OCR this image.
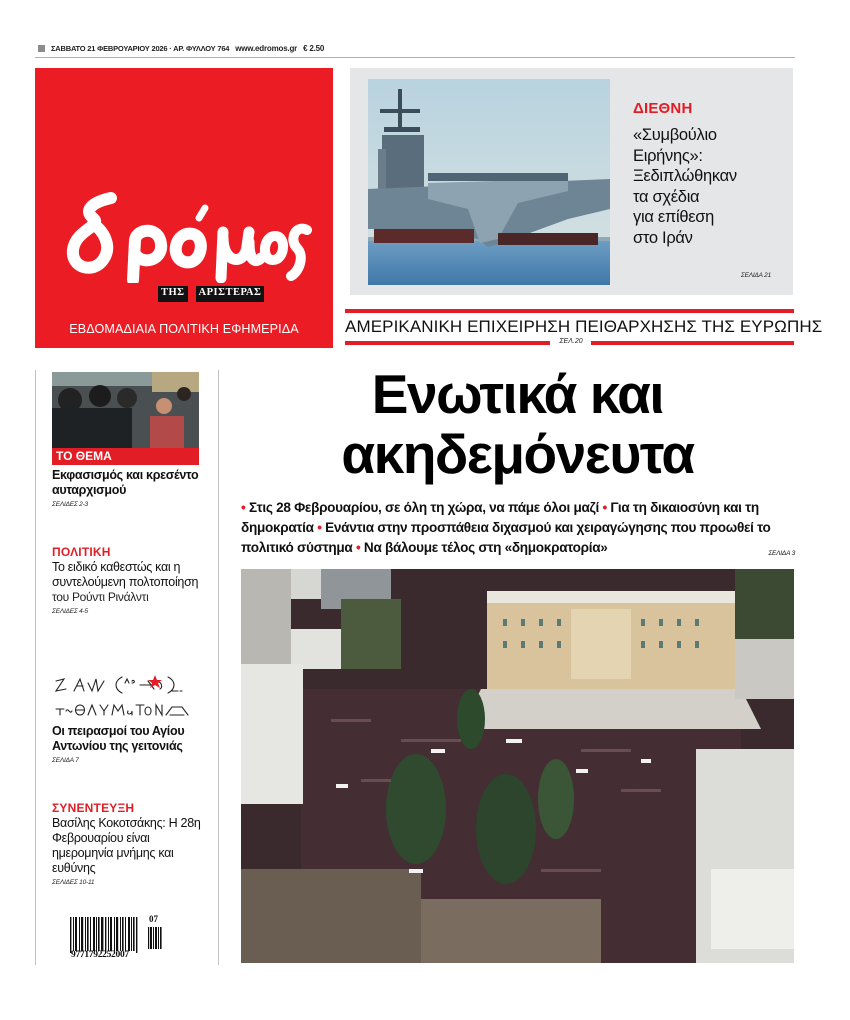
ΣΑΒΒΑΤΟ 21 ΦΕΒΡΟΥΑΡΙΟΥ 2026 · ΑΡ. ΦΥΛΛΟΥ 764 www.edromos.gr € 2.50
ΤΗΣ ΑΡΙΣΤΕΡΑΣ
ΕΒΔΟΜΑΔΙΑΙΑ ΠΟΛΙΤΙΚΗ ΕΦΗΜΕΡΙΔΑ
ΔΙΕΘΝΗ
«Συμβούλιο
Ειρήνης»:
Ξεδιπλώθηκαν
τα σχέδια
για επίθεση
στο Ιράν
ΣΕΛΙΔΑ 21
ΑΜΕΡΙΚΑΝΙΚΗ ΕΠΙΧΕΙΡΗΣΗ ΠΕΙΘΑΡΧΗΣΗΣ ΤΗΣ ΕΥΡΩΠΗΣ
ΣΕΛ.20
ΤΟ ΘΕΜΑ
Εκφασισμός και κρεσέντο αυταρχισμού
ΣΕΛΙΔΕΣ 2-3
ΠΟΛΙΤΙΚΗ
Το ειδικό καθεστώς και η συντελούμενη πολτοποίηση
του Ρούντι Ρινάλντι
ΣΕΛΙΔΕΣ 4-5
Οι πειρασμοί του Αγίου Αντωνίου της γειτονιάς
ΣΕΛΙΔΑ 7
ΣΥΝΕΝΤΕΥΞΗ
Βασίλης Κοκοτσάκης: Η 28η Φεβρουαρίου είναι ημερομηνία μνήμης και ευθύνης
ΣΕΛΙΔΕΣ 10-11
07
9771792252007
Ενωτικά και
ακηδεμόνευτα
• Στις 28 Φεβρουαρίου, σε όλη τη χώρα, να πάμε όλοι μαζί • Για τη δικαιοσύνη και τη δημοκρατία • Ενάντια στην προσπάθεια διχασμού και χειραγώγησης που προωθεί το πολιτικό σύστημα • Να βάλουμε τέλος στη «δημοκρατορία»	ΣΕΛΙΔΑ 3
